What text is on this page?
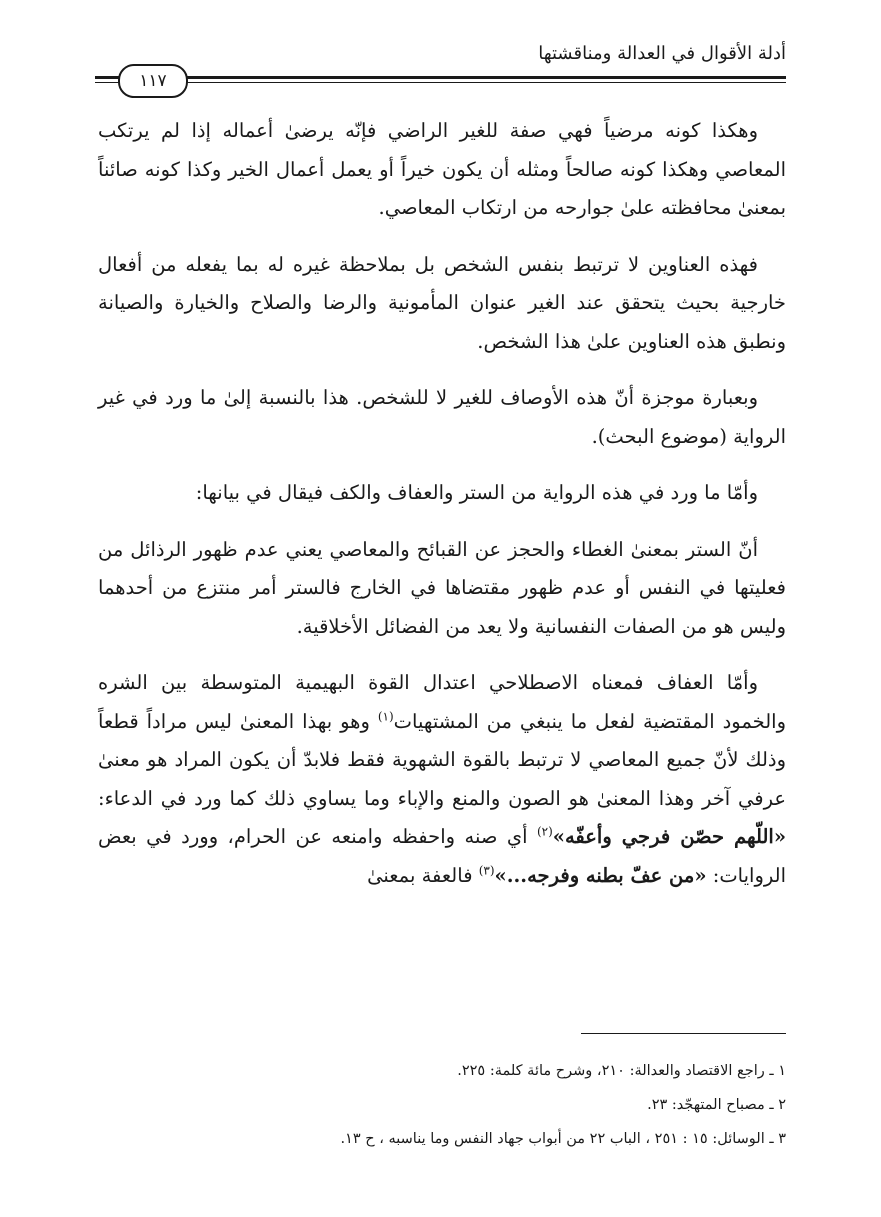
أدلة الأقوال في العدالة ومناقشتها
١١٧

وهكذا كونه مرضياً فهي صفة للغير الراضي فإنّه يرضىٰ أعماله إذا لم يرتكب المعاصي وهكذا كونه صالحاً ومثله أن يكون خيراً أو يعمل أعمال الخير وكذا كونه صائناً بمعنىٰ محافظته علىٰ جوارحه من ارتكاب المعاصي.

فهذه العناوين لا ترتبط بنفس الشخص بل بملاحظة غيره له بما يفعله من أفعال خارجية بحيث يتحقق عند الغير عنوان المأمونية والرضا والصلاح والخيارة والصيانة ونطبق هذه العناوين علىٰ هذا الشخص.

وبعبارة موجزة أنّ هذه الأوصاف للغير لا للشخص. هذا بالنسبة إلىٰ ما ورد في غير الرواية (موضوع البحث).

وأمّا ما ورد في هذه الرواية من الستر والعفاف والكف فيقال في بيانها:

أنّ الستر بمعنىٰ الغطاء والحجز عن القبائح والمعاصي يعني عدم ظهور الرذائل من فعليتها في النفس أو عدم ظهور مقتضاها في الخارج فالستر أمر منتزع من أحدهما وليس هو من الصفات النفسانية ولا يعد من الفضائل الأخلاقية.

وأمّا العفاف فمعناه الاصطلاحي اعتدال القوة البهيمية المتوسطة بين الشره والخمود المقتضية لفعل ما ينبغي من المشتهيات$^{(١)}$ وهو بهذا المعنىٰ ليس مراداً قطعاً وذلك لأنّ جميع المعاصي لا ترتبط بالقوة الشهوية فقط فلابدّ أن يكون المراد هو معنىٰ عرفي آخر وهذا المعنىٰ هو الصون والمنع والإباء وما يساوي ذلك كما ورد في الدعاء: «اللّهم حصّن فرجي وأعفّه»$^{(٢)}$ أي صنه واحفظه وامنعه عن الحرام، وورد في بعض الروايات: «من عفّ بطنه وفرجه...»$^{(٣)}$ فالعفة بمعنىٰ

١ ـ راجع الاقتصاد والعدالة: ٢١٠، وشرح مائة كلمة: ٢٢٥.
٢ ـ مصباح المتهجّد: ٢٣.
٣ ـ الوسائل: ١٥ : ٢٥١ ، الباب ٢٢ من أبواب جهاد النفس وما يناسبه ، ح ١٣.
